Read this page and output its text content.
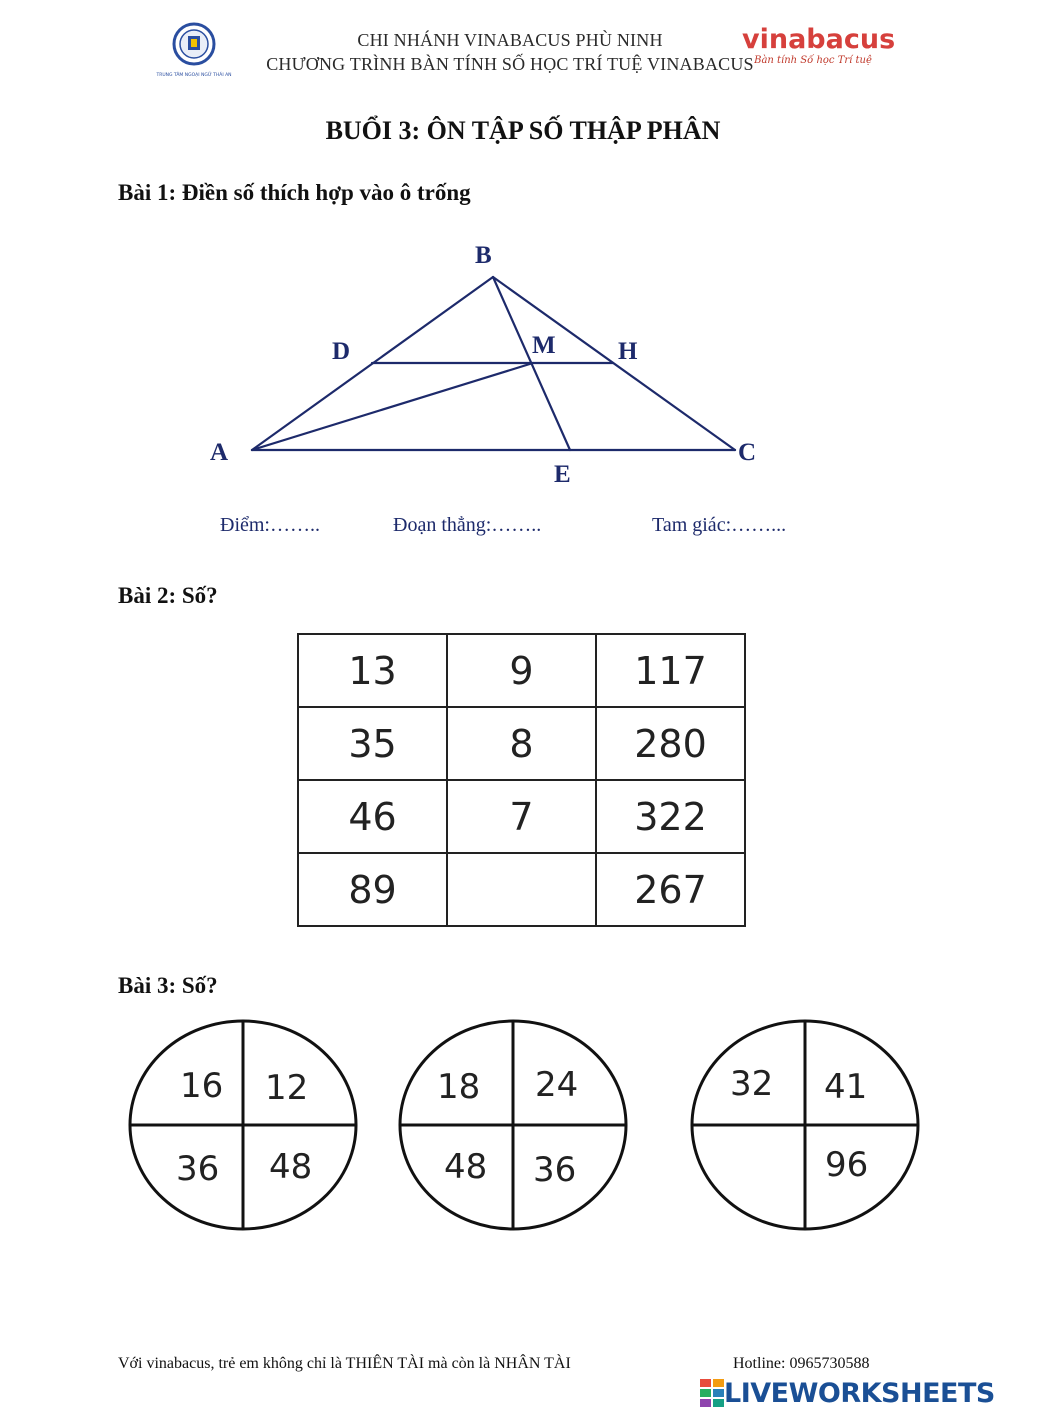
TRUNG TÂM NGOẠI NGỮ THÁI AN
CHI NHÁNH VINABACUS PHÙ NINH
CHƯƠNG TRÌNH BÀN TÍNH SỐ HỌC TRÍ TUỆ VINABACUS
vinabacus
Bàn tính Số học Trí tuệ
BUỔI 3: ÔN TẬP SỐ THẬP PHÂN
Bài 1: Điền số thích hợp vào ô trống
B
D	M H
A	C
E
Điểm:……..	Đoạn thẳng:……..	Tam giác:……...
Bài 2: Số?
13	9	117
35	8	280
46	7	322
89		267
Bài 3: Số?
16 12
36 48
18 24
48 36
32 41
96
Với vinabacus, trẻ em không chỉ là THIÊN TÀI mà còn là NHÂN TÀI	Hotline: 0965730588
LIVEWORKSHEETS
